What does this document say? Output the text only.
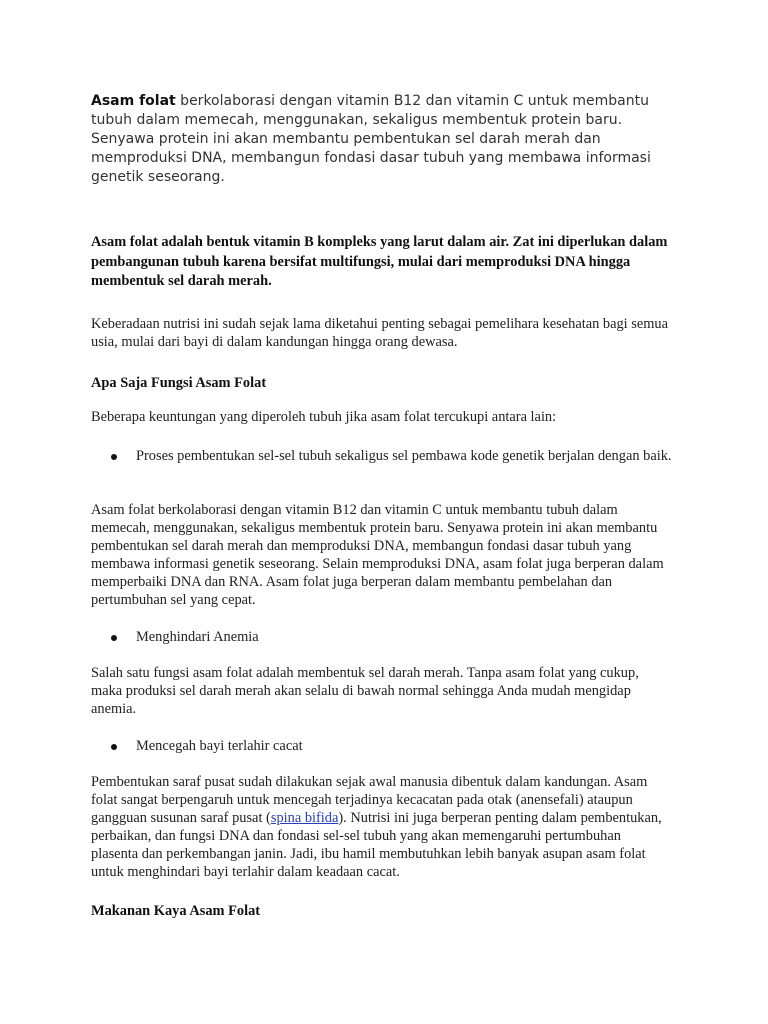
Asam folat berkolaborasi dengan vitamin B12 dan vitamin C untuk membantu tubuh dalam memecah, menggunakan, sekaligus membentuk protein baru. Senyawa protein ini akan membantu pembentukan sel darah merah dan memproduksi DNA, membangun fondasi dasar tubuh yang membawa informasi genetik seseorang.

Asam folat adalah bentuk vitamin B kompleks yang larut dalam air. Zat ini diperlukan dalam pembangunan tubuh karena bersifat multifungsi, mulai dari memproduksi DNA hingga membentuk sel darah merah.

Keberadaan nutrisi ini sudah sejak lama diketahui penting sebagai pemelihara kesehatan bagi semua usia, mulai dari bayi di dalam kandungan hingga orang dewasa.

Apa Saja Fungsi Asam Folat

Beberapa keuntungan yang diperoleh tubuh jika asam folat tercukupi antara lain:

Proses pembentukan sel-sel tubuh sekaligus sel pembawa kode genetik berjalan dengan baik.

Asam folat berkolaborasi dengan vitamin B12 dan vitamin C untuk membantu tubuh dalam memecah, menggunakan, sekaligus membentuk protein baru. Senyawa protein ini akan membantu pembentukan sel darah merah dan memproduksi DNA, membangun fondasi dasar tubuh yang membawa informasi genetik seseorang. Selain memproduksi DNA, asam folat juga berperan dalam memperbaiki DNA dan RNA. Asam folat juga berperan dalam membantu pembelahan dan pertumbuhan sel yang cepat.

Menghindari Anemia

Salah satu fungsi asam folat adalah membentuk sel darah merah. Tanpa asam folat yang cukup, maka produksi sel darah merah akan selalu di bawah normal sehingga Anda mudah mengidap anemia.

Mencegah bayi terlahir cacat

Pembentukan saraf pusat sudah dilakukan sejak awal manusia dibentuk dalam kandungan. Asam folat sangat berpengaruh untuk mencegah terjadinya kecacatan pada otak (anensefali) ataupun gangguan susunan saraf pusat (spina bifida). Nutrisi ini juga berperan penting dalam pembentukan, perbaikan, dan fungsi DNA dan fondasi sel-sel tubuh yang akan memengaruhi pertumbuhan plasenta dan perkembangan janin. Jadi, ibu hamil membutuhkan lebih banyak asupan asam folat untuk menghindari bayi terlahir dalam keadaan cacat.

Makanan Kaya Asam Folat
